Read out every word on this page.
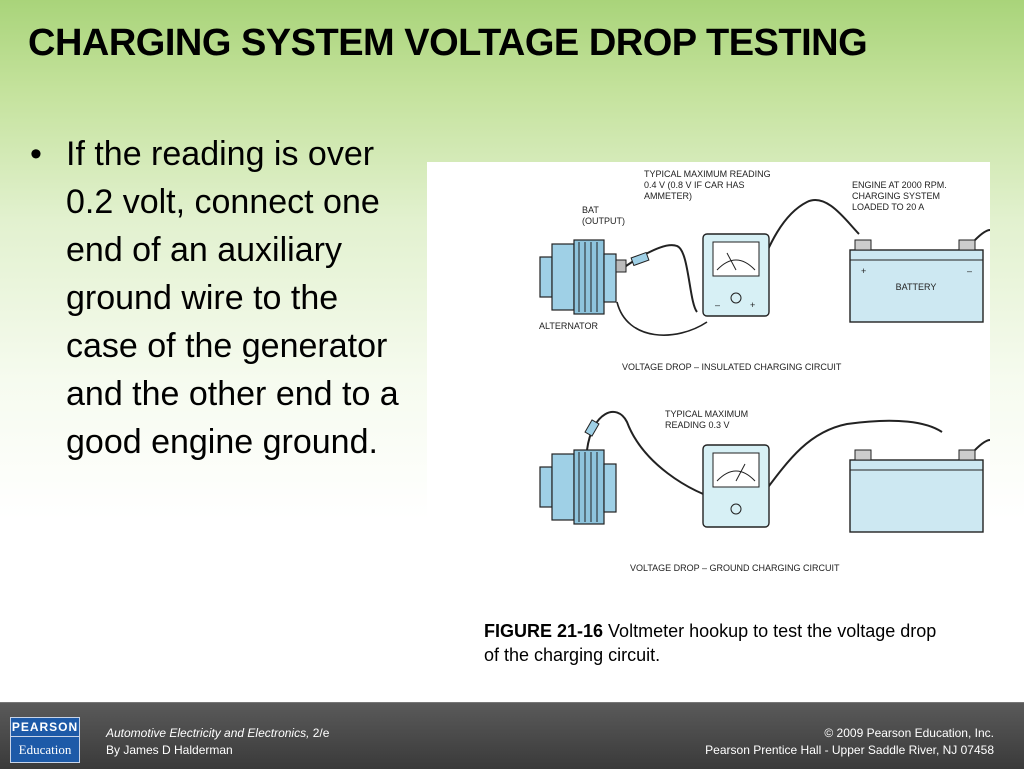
CHARGING SYSTEM VOLTAGE DROP TESTING
• If the reading is over 0.2 volt, connect one end of an auxiliary ground wire to the case of the generator and the other end to a good engine ground.
–	+
+	–
BATTERY
TYPICAL MAXIMUM READING
0.4 V (0.8 V IF CAR HAS
AMMETER)
BAT
(OUTPUT)
ENGINE AT 2000 RPM.
CHARGING SYSTEM
LOADED TO 20 A
ALTERNATOR
VOLTAGE DROP – INSULATED CHARGING CIRCUIT
TYPICAL MAXIMUM
READING 0.3 V
VOLTAGE DROP – GROUND CHARGING CIRCUIT
FIGURE 21-16 Voltmeter hookup to test the voltage drop of the charging circuit.
PEARSON
Education
Automotive Electricity and Electronics, 2/e
By James D Halderman
© 2009 Pearson Education, Inc.
Pearson Prentice Hall - Upper Saddle River, NJ 07458
